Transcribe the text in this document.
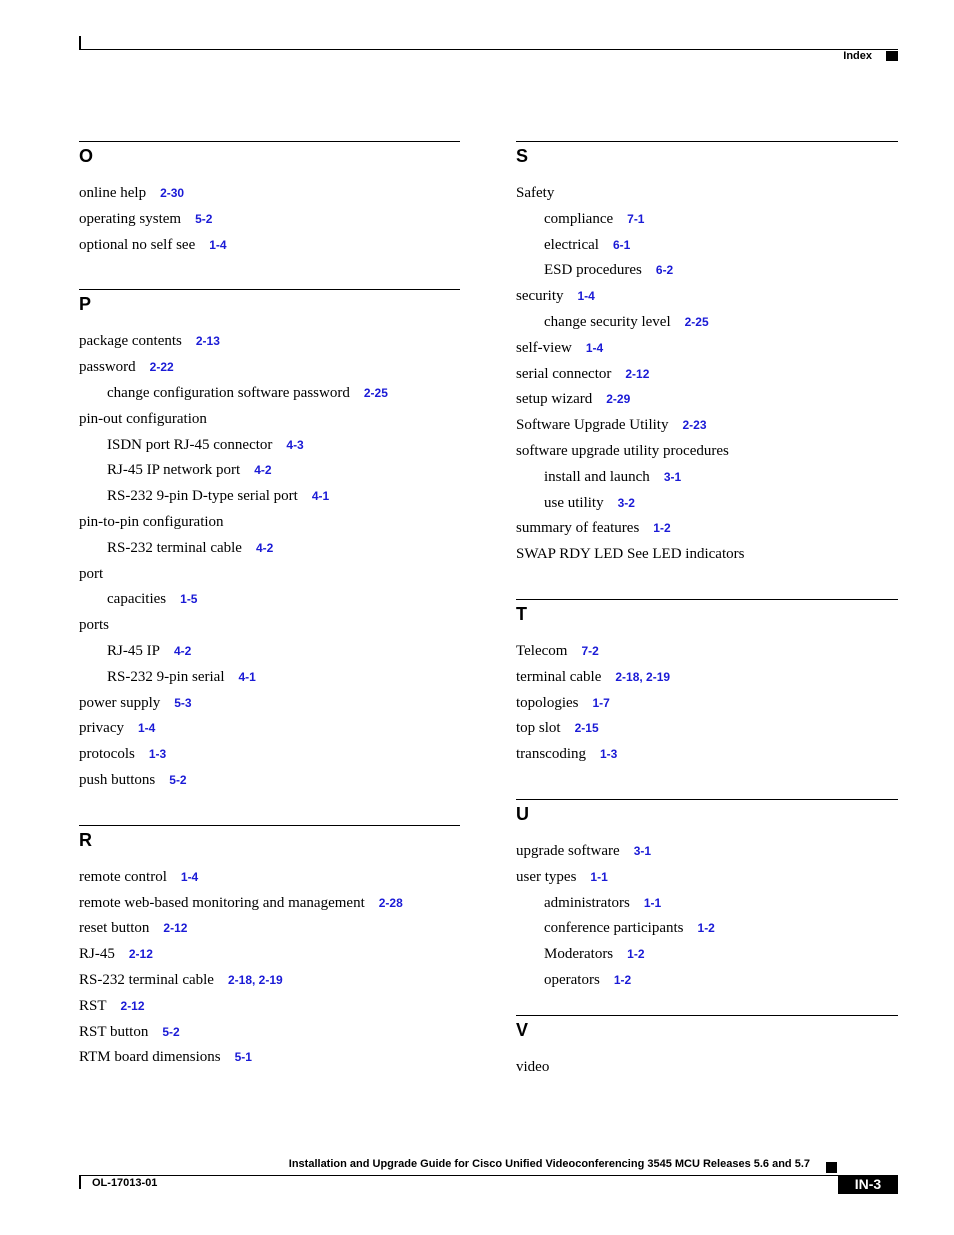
Index
O
online help 2-30
operating system 5-2
optional no self see 1-4
P
package contents 2-13
password 2-22
change configuration software password 2-25
pin-out configuration
ISDN port RJ-45 connector 4-3
RJ-45 IP network port 4-2
RS-232 9-pin D-type serial port 4-1
pin-to-pin configuration
RS-232 terminal cable 4-2
port
capacities 1-5
ports
RJ-45 IP 4-2
RS-232 9-pin serial 4-1
power supply 5-3
privacy 1-4
protocols 1-3
push buttons 5-2
R
remote control 1-4
remote web-based monitoring and management 2-28
reset button 2-12
RJ-45 2-12
RS-232 terminal cable 2-18, 2-19
RST 2-12
RST button 5-2
RTM board dimensions 5-1
S
Safety
compliance 7-1
electrical 6-1
ESD procedures 6-2
security 1-4
change security level 2-25
self-view 1-4
serial connector 2-12
setup wizard 2-29
Software Upgrade Utility 2-23
software upgrade utility procedures
install and launch 3-1
use utility 3-2
summary of features 1-2
SWAP RDY LED See LED indicators
T
Telecom 7-2
terminal cable 2-18, 2-19
topologies 1-7
top slot 2-15
transcoding 1-3
U
upgrade software 3-1
user types 1-1
administrators 1-1
conference participants 1-2
Moderators 1-2
operators 1-2
V
video
Installation and Upgrade Guide for Cisco Unified Videoconferencing 3545 MCU Releases 5.6 and 5.7
OL-17013-01	IN-3
